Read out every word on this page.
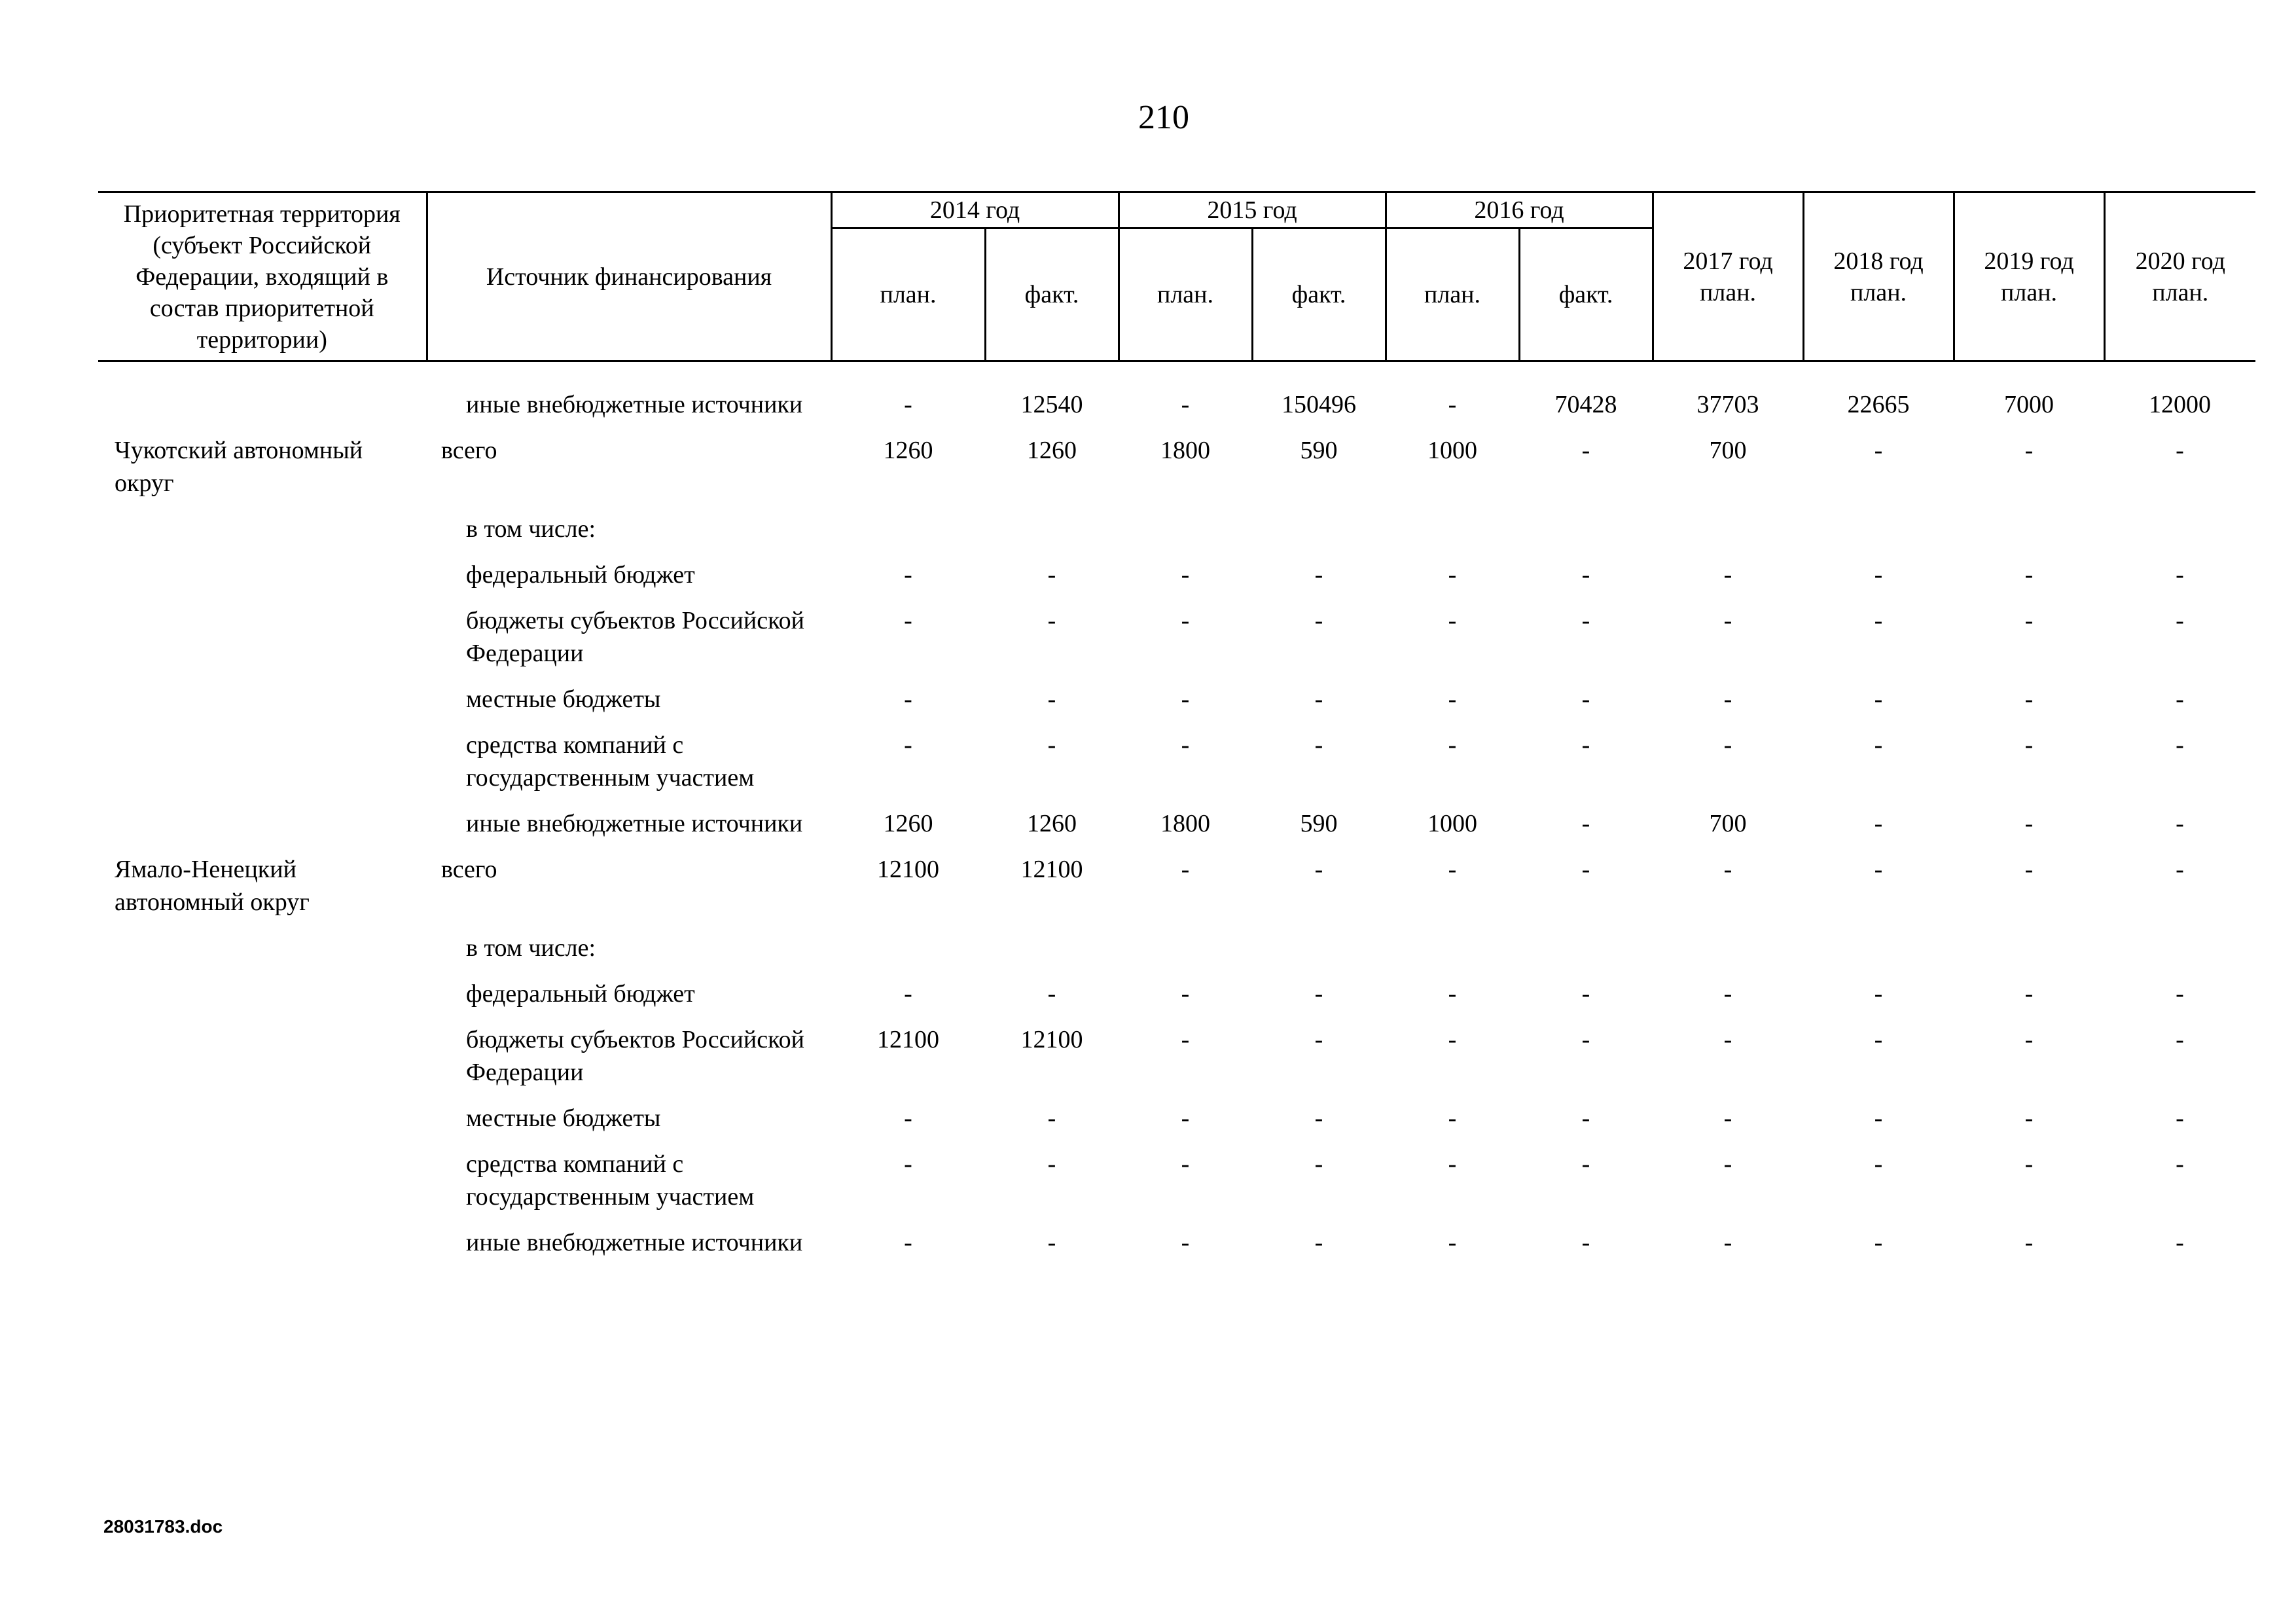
210
Приоритетная территория (субъект Российской Федерации, входящий в состав приоритетной территории)	Источник финансирования	2014 год		2015 год		2016 год		2017 год план.	2018 год план.	2019 год план.	2020 год план.
		план.	факт.	план.	факт.	план.	факт.				
	иные внебюджетные источники	-	12540	-	150496	-	70428	37703	22665	7000	12000
Чукотский автономный округ	всего	1260	1260	1800	590	1000	-	700	-	-	-
	в том числе:										
	федеральный бюджет	-	-	-	-	-	-	-	-	-	-
	бюджеты субъектов Российской Федерации	-	-	-	-	-	-	-	-	-	-
	местные бюджеты	-	-	-	-	-	-	-	-	-	-
	средства компаний с государственным участием	-	-	-	-	-	-	-	-	-	-
	иные внебюджетные источники	1260	1260	1800	590	1000	-	700	-	-	-
Ямало-Ненецкий автономный округ	всего	12100	12100	-	-	-	-	-	-	-	-
	в том числе:										
	федеральный бюджет	-	-	-	-	-	-	-	-	-	-
	бюджеты субъектов Российской Федерации	12100	12100	-	-	-	-	-	-	-	-
	местные бюджеты	-	-	-	-	-	-	-	-	-	-
	средства компаний с государственным участием	-	-	-	-	-	-	-	-	-	-
	иные внебюджетные источники	-	-	-	-	-	-	-	-	-	-
28031783.doc
